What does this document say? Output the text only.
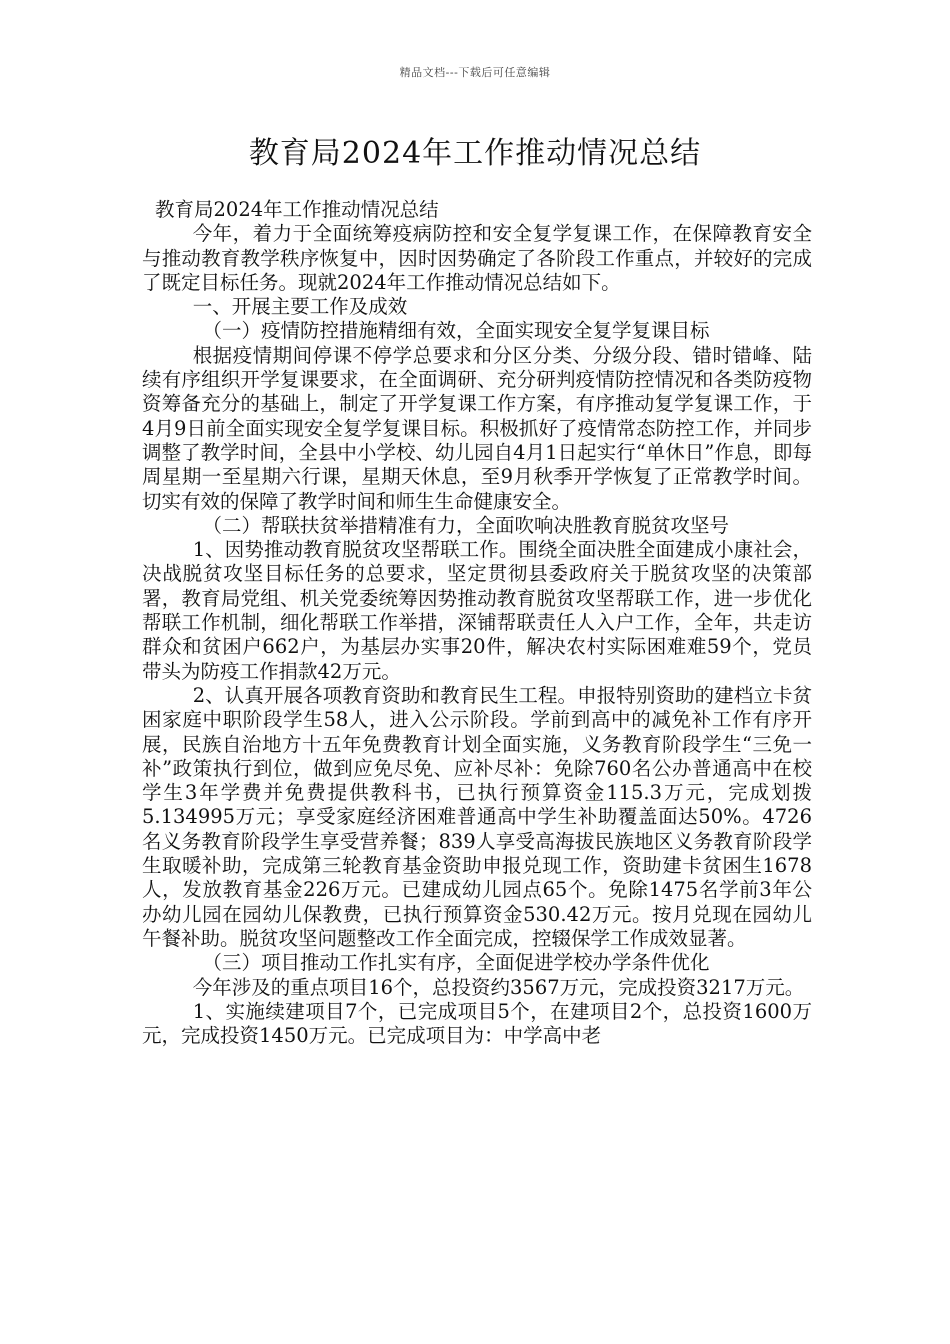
精品文档---下载后可任意编辑
教育局2024年工作推动情况总结

教育局2024年工作推动情况总结

今年，着力于全面统筹疫病防控和安全复学复课工作，在保障教育安全与推动教育教学秩序恢复中，因时因势确定了各阶段工作重点，并较好的完成了既定目标任务。现就2024年工作推动情况总结如下。

一、开展主要工作及成效

（一）疫情防控措施精细有效，全面实现安全复学复课目标

根据疫情期间停课不停学总要求和分区分类、分级分段、错时错峰、陆续有序组织开学复课要求，在全面调研、充分研判疫情防控情况和各类防疫物资筹备充分的基础上，制定了开学复课工作方案，有序推动复学复课工作，于4月9日前全面实现安全复学复课目标。积极抓好了疫情常态防控工作，并同步调整了教学时间，全县中小学校、幼儿园自4月1日起实行“单休日”作息，即每周星期一至星期六行课，星期天休息，至9月秋季开学恢复了正常教学时间。切实有效的保障了教学时间和师生生命健康安全。

（二）帮联扶贫举措精准有力，全面吹响决胜教育脱贫攻坚号

1、因势推动教育脱贫攻坚帮联工作。围绕全面决胜全面建成小康社会，决战脱贫攻坚目标任务的总要求，坚定贯彻县委政府关于脱贫攻坚的决策部署，教育局党组、机关党委统筹因势推动教育脱贫攻坚帮联工作，进一步优化帮联工作机制，细化帮联工作举措，深铺帮联责任人入户工作，全年，共走访群众和贫困户662户，为基层办实事20件，解决农村实际困难难59个，党员带头为防疫工作捐款42万元。

2、认真开展各项教育资助和教育民生工程。申报特别资助的建档立卡贫困家庭中职阶段学生58人，进入公示阶段。学前到高中的减免补工作有序开展，民族自治地方十五年免费教育计划全面实施，义务教育阶段学生“三免一补”政策执行到位，做到应免尽免、应补尽补：免除760名公办普通高中在校学生3年学费并免费提供教科书，已执行预算资金115.3万元，完成划拨5.134995万元；享受家庭经济困难普通高中学生补助覆盖面达50%。4726名义务教育阶段学生享受营养餐；839人享受高海拔民族地区义务教育阶段学生取暖补助，完成第三轮教育基金资助申报兑现工作，资助建卡贫困生1678人，发放教育基金226万元。已建成幼儿园点65个。免除1475名学前3年公办幼儿园在园幼儿保教费，已执行预算资金530.42万元。按月兑现在园幼儿午餐补助。脱贫攻坚问题整改工作全面完成，控辍保学工作成效显著。

（三）项目推动工作扎实有序，全面促进学校办学条件优化

今年涉及的重点项目16个，总投资约3567万元，完成投资3217万元。

1、实施续建项目7个，已完成项目5个，在建项目2个，总投资1600万元，完成投资1450万元。已完成项目为：中学高中老
